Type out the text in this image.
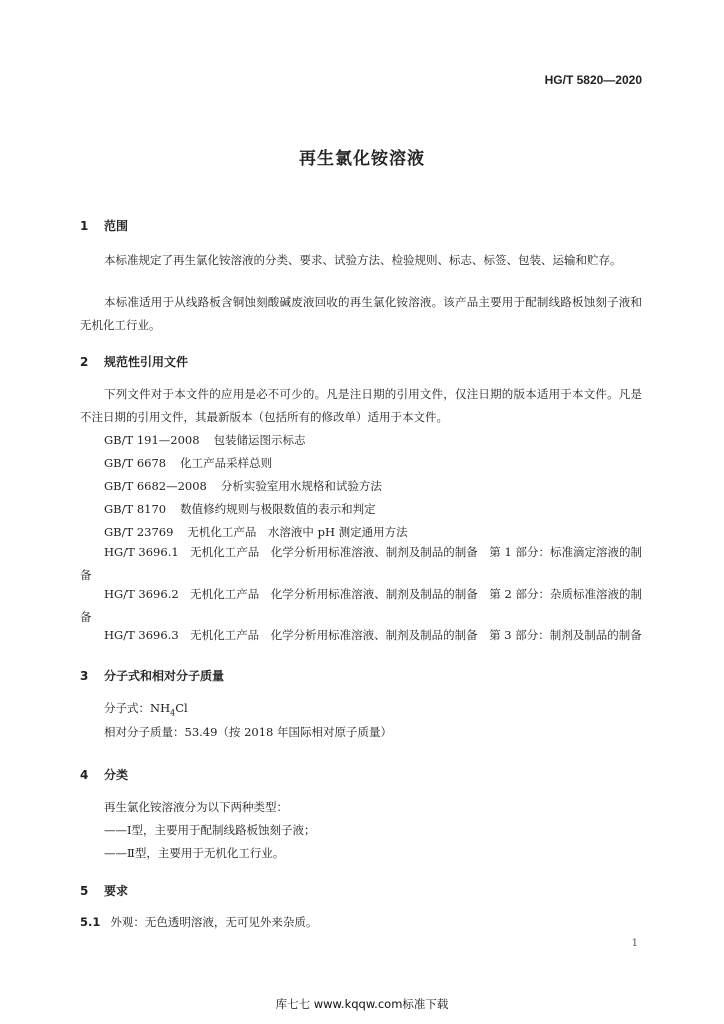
HG/T 5820—2020
再生氯化铵溶液
1 范围
本标准规定了再生氯化铵溶液的分类、要求、试验方法、检验规则、标志、标签、包装、运输和贮存。
本标准适用于从线路板含铜蚀刻酸碱废液回收的再生氯化铵溶液。该产品主要用于配制线路板蚀刻子液和无机化工行业。
2 规范性引用文件
下列文件对于本文件的应用是必不可少的。凡是注日期的引用文件，仅注日期的版本适用于本文件。凡是不注日期的引用文件，其最新版本（包括所有的修改单）适用于本文件。
GB/T 191—2008 包装储运图示标志
GB/T 6678 化工产品采样总则
GB/T 6682—2008 分析实验室用水规格和试验方法
GB/T 8170 数值修约规则与极限数值的表示和判定
GB/T 23769 无机化工产品　水溶液中 pH 测定通用方法
HG/T 3696.1　无机化工产品　化学分析用标准溶液、制剂及制品的制备　第 1 部分：标准滴定溶液的制备
HG/T 3696.2　无机化工产品　化学分析用标准溶液、制剂及制品的制备　第 2 部分：杂质标准溶液的制备
HG/T 3696.3　无机化工产品　化学分析用标准溶液、制剂及制品的制备　第 3 部分：制剂及制品的制备
3 分子式和相对分子质量
分子式：$NH_4Cl$
相对分子质量：53.49（按 2018 年国际相对原子质量）
4 分类
再生氯化铵溶液分为以下两种类型：
——Ⅰ型，主要用于配制线路板蚀刻子液；
——Ⅱ型，主要用于无机化工行业。
5 要求
5.1 外观：无色透明溶液，无可见外来杂质。
1
库七七 www.kqqw.com标准下载
